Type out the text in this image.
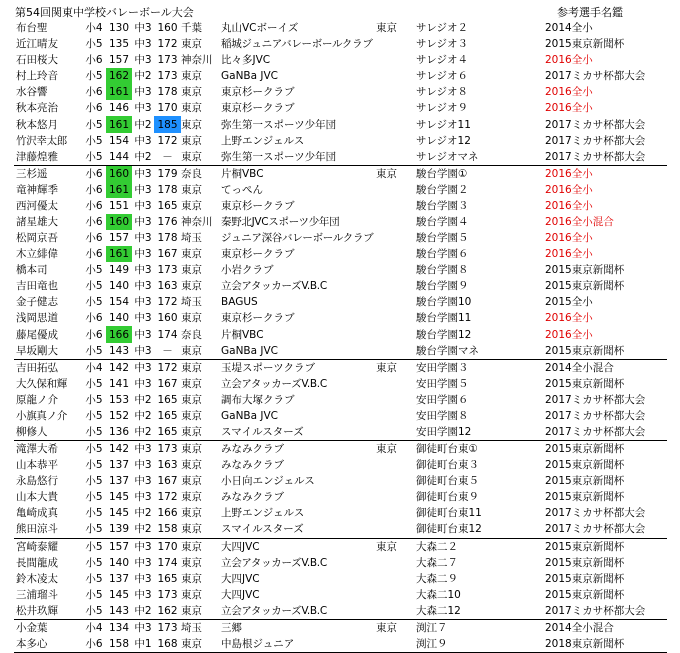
第54回関東中学校バレーボール大会	参考選手名鑑
布台聖	小4	130	中3	160	千葉	丸山VCボーイズ	東京	サレジオ２	2014全小
近江晴友	小5	135	中3	172	東京	稲城ジュニアバレーボールクラブ		サレジオ３	2015東京新聞杯
石田桜大	小6	157	中3	173	神奈川	比々多JVC		サレジオ４	2016全小
村上玲音	小5	162	中2	173	東京	GaNBa JVC		サレジオ６	2017ミカサ杯都大会
水谷響	小6	161	中3	178	東京	東京杉ークラブ		サレジオ８	2016全小
秋本亮治	小6	146	中3	170	東京	東京杉ークラブ		サレジオ９	2016全小
秋本悠月	小5	161	中2	185	東京	弥生第一スポーツ少年団		サレジオ11	2017ミカサ杯都大会
竹沢幸太郎	小5	154	中3	172	東京	上野エンジェルス		サレジオ12	2017ミカサ杯都大会
津藤煌雅	小5	144	中2	－	東京	弥生第一スポーツ少年団		サレジオマネ	2017ミカサ杯都大会
三杉遥	小6	160	中3	179	奈良	片桐VBC	東京	駿台学園①	2016全小
竜神輝季	小6	161	中3	178	東京	てっぺん		駿台学園２	2016全小
西河優太	小6	151	中3	165	東京	東京杉ークラブ		駿台学園３	2016全小
諸星雄大	小6	160	中3	176	神奈川	秦野北JVCスポーツ少年団		駿台学園４	2016全小混合
松岡京吾	小6	157	中3	178	埼玉	ジュニア深谷バレーボールクラブ		駿台学園５	2016全小
木立緋偉	小6	161	中3	167	東京	東京杉ークラブ		駿台学園６	2016全小
橋本司	小5	149	中3	173	東京	小岩クラブ		駿台学園８	2015東京新聞杯
吉田竜也	小5	140	中3	163	東京	立会アタッカーズV.B.C		駿台学園９	2015東京新聞杯
金子健志	小5	154	中3	172	埼玉	BAGUS		駿台学園10	2015全小
浅岡思道	小6	140	中3	160	東京	東京杉ークラブ		駿台学園11	2016全小
藤尾優成	小6	166	中3	174	奈良	片桐VBC		駿台学園12	2016全小
早坂剛大	小5	143	中3	－	東京	GaNBa JVC		駿台学園マネ	2015東京新聞杯
吉田拓弘	小4	142	中3	172	東京	玉堤スポーツクラブ	東京	安田学園３	2014全小混合
大久保和輝	小5	141	中3	167	東京	立会アタッカーズV.B.C		安田学園５	2015東京新聞杯
原龍ノ介	小5	153	中2	165	東京	調布大塚クラブ		安田学園６	2017ミカサ杯都大会
小旗真ノ介	小5	152	中2	165	東京	GaNBa JVC		安田学園８	2017ミカサ杯都大会
柳修人	小5	136	中2	165	東京	スマイルスターズ		安田学園12	2017ミカサ杯都大会
滝澤大希	小5	142	中3	173	東京	みなみクラブ	東京	御徒町台東①	2015東京新聞杯
山本恭平	小5	137	中3	163	東京	みなみクラブ		御徒町台東３	2015東京新聞杯
永島悠行	小5	137	中3	167	東京	小日向エンジェルス		御徒町台東５	2015東京新聞杯
山本大貴	小5	145	中3	172	東京	みなみクラブ		御徒町台東９	2015東京新聞杯
亀崎成真	小5	145	中2	166	東京	上野エンジェルス		御徒町台東11	2017ミカサ杯都大会
熊田涼斗	小5	139	中2	158	東京	スマイルスターズ		御徒町台東12	2017ミカサ杯都大会
宮崎泰耀	小5	157	中3	170	東京	大四JVC	東京	大森二２	2015東京新聞杯
長間龍成	小5	140	中3	174	東京	立会アタッカーズV.B.C		大森二７	2015東京新聞杯
鈴木凌太	小5	137	中3	165	東京	大四JVC		大森二９	2015東京新聞杯
三浦瑠斗	小5	145	中3	173	東京	大四JVC		大森二10	2015東京新聞杯
松井玖輝	小5	143	中2	162	東京	立会アタッカーズV.B.C		大森二12	2017ミカサ杯都大会
小金葉	小4	134	中3	173	埼玉	三郷	東京	渕江７	2014全小混合
本多心	小6	158	中1	168	東京	中島根ジュニア		渕江９	2018東京新聞杯
